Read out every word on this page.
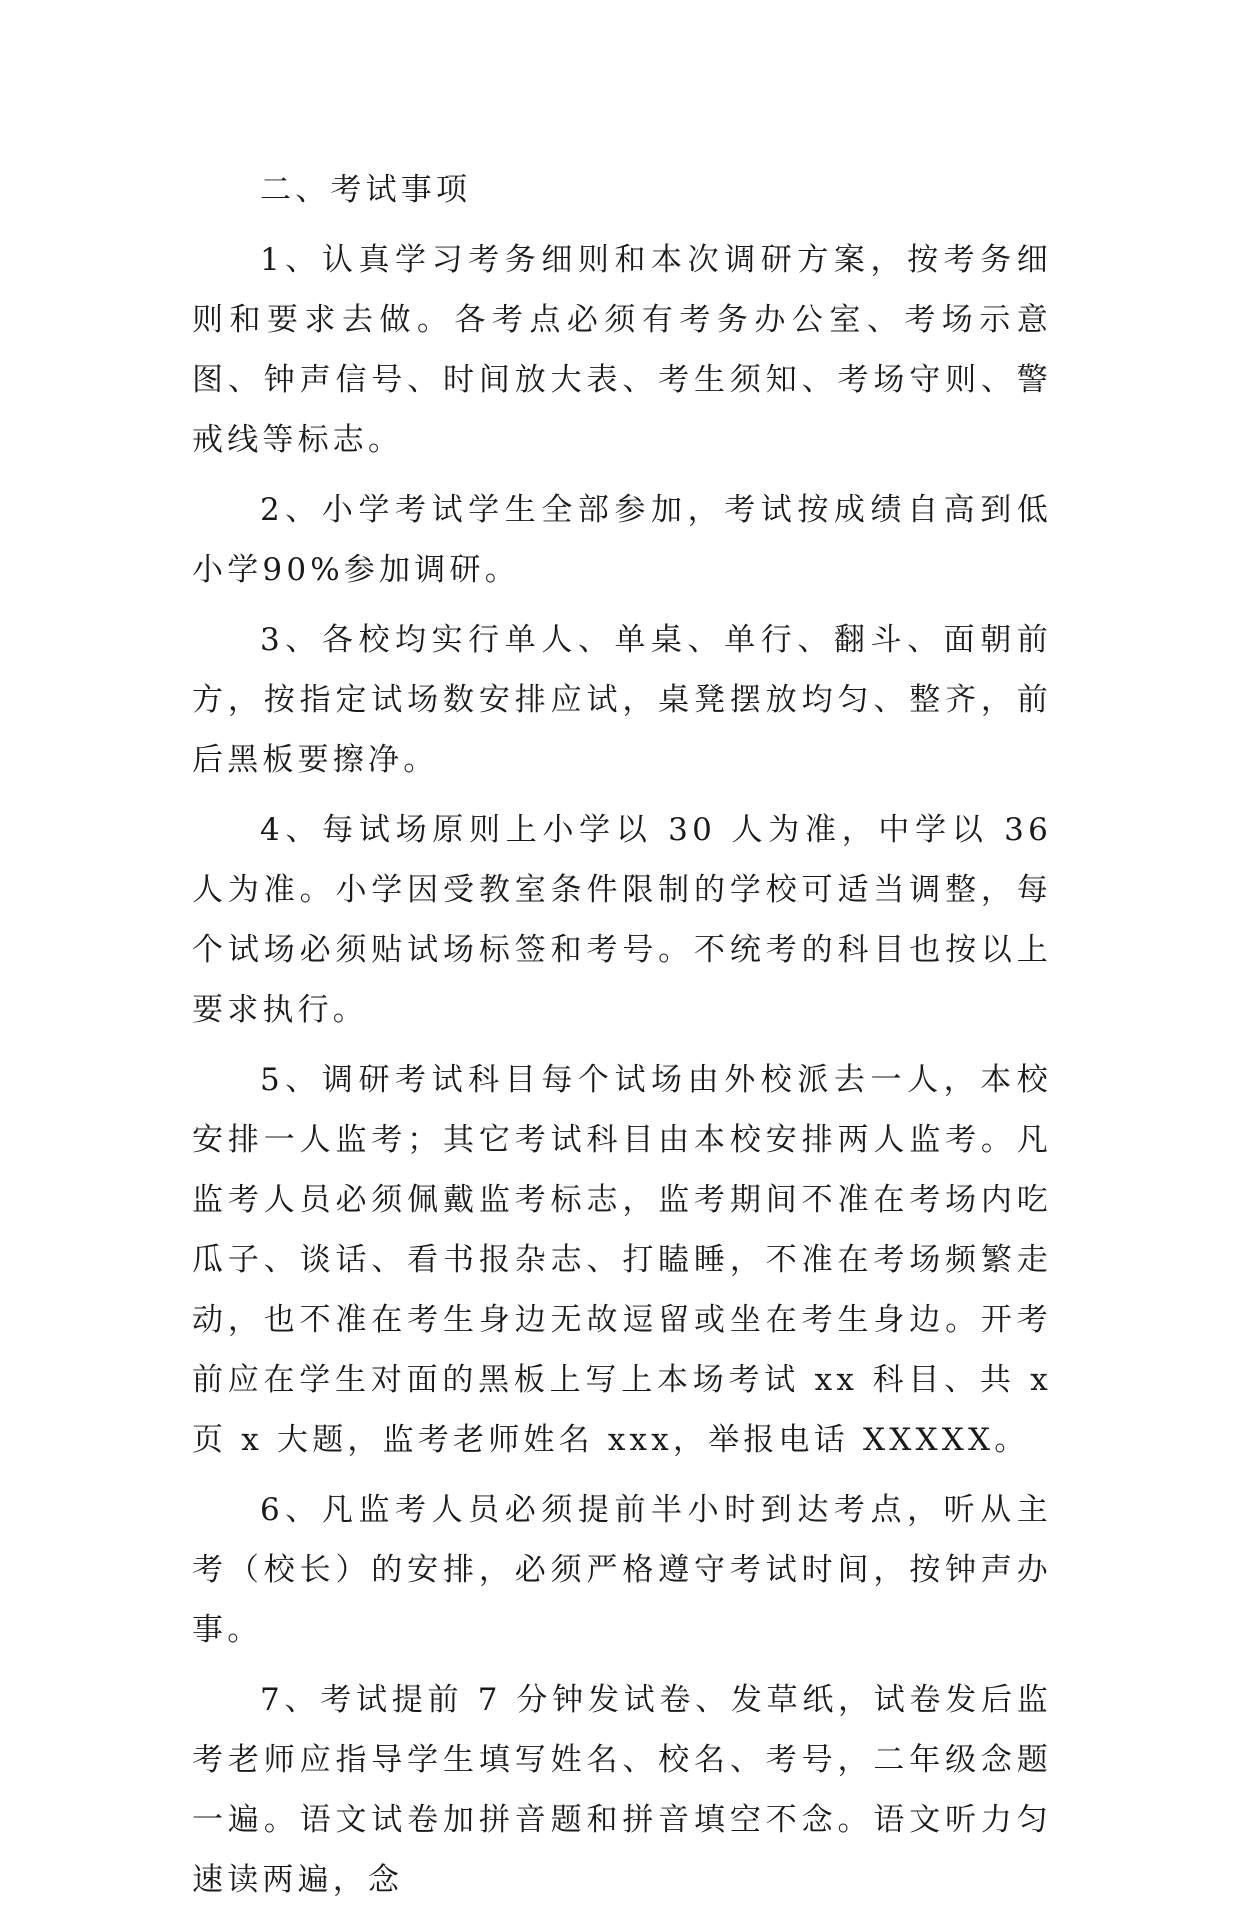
二、考试事项

1、认真学习考务细则和本次调研方案，按考务细则和要求去做。各考点必须有考务办公室、考场示意图、钟声信号、时间放大表、考生须知、考场守则、警戒线等标志。

2、小学考试学生全部参加，考试按成绩自高到低小学90%参加调研。

3、各校均实行单人、单桌、单行、翻斗、面朝前方，按指定试场数安排应试，桌凳摆放均匀、整齐，前后黑板要擦净。

4、每试场原则上小学以 30 人为准，中学以 36 人为准。小学因受教室条件限制的学校可适当调整，每个试场必须贴试场标签和考号。不统考的科目也按以上要求执行。

5、调研考试科目每个试场由外校派去一人，本校安排一人监考；其它考试科目由本校安排两人监考。凡监考人员必须佩戴监考标志，监考期间不准在考场内吃瓜子、谈话、看书报杂志、打瞌睡，不准在考场频繁走动，也不准在考生身边无故逗留或坐在考生身边。开考前应在学生对面的黑板上写上本场考试 xx 科目、共 x 页 x 大题，监考老师姓名 xxx，举报电话 XXXXX。

6、凡监考人员必须提前半小时到达考点，听从主考（校长）的安排，必须严格遵守考试时间，按钟声办事。

7、考试提前 7 分钟发试卷、发草纸，试卷发后监考老师应指导学生填写姓名、校名、考号，二年级念题一遍。语文试卷加拼音题和拼音填空不念。语文听力匀速读两遍，念
